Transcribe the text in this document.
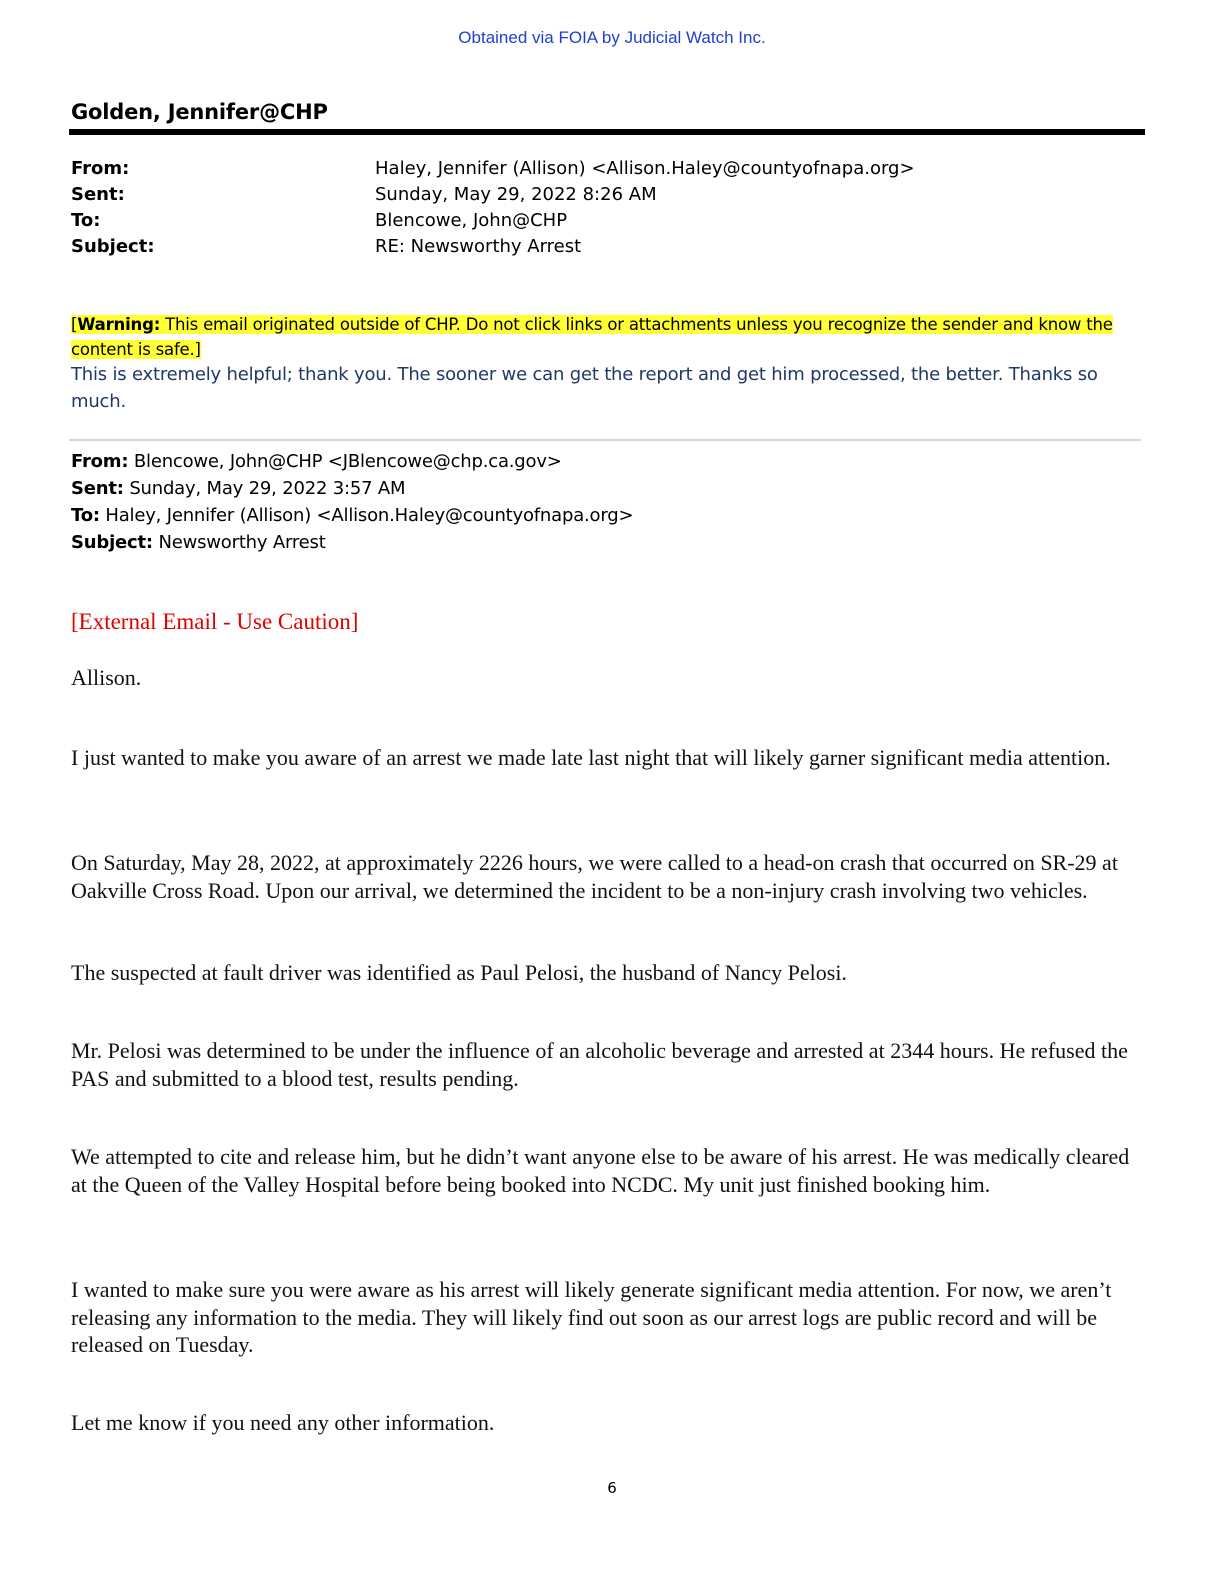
Obtained via FOIA by Judicial Watch Inc.
Golden, Jennifer@CHP
From:	Haley, Jennifer (Allison) <Allison.Haley@countyofnapa.org>
Sent:	Sunday, May 29, 2022 8:26 AM
To:	Blencowe, John@CHP
Subject:	RE: Newsworthy Arrest
[Warning: This email originated outside of CHP. Do not click links or attachments unless you recognize the sender and know the content is safe.]
This is extremely helpful; thank you. The sooner we can get the report and get him processed, the better. Thanks so much.
From: Blencowe, John@CHP <JBlencowe@chp.ca.gov>
Sent: Sunday, May 29, 2022 3:57 AM
To: Haley, Jennifer (Allison) <Allison.Haley@countyofnapa.org>
Subject: Newsworthy Arrest
[External Email - Use Caution]
Allison.
I just wanted to make you aware of an arrest we made late last night that will likely garner significant media attention.
On Saturday, May 28, 2022, at approximately 2226 hours, we were called to a head-on crash that occurred on SR-29 at Oakville Cross Road. Upon our arrival, we determined the incident to be a non-injury crash involving two vehicles.
The suspected at fault driver was identified as Paul Pelosi, the husband of Nancy Pelosi.
Mr. Pelosi was determined to be under the influence of an alcoholic beverage and arrested at 2344 hours. He refused the PAS and submitted to a blood test, results pending.
We attempted to cite and release him, but he didn’t want anyone else to be aware of his arrest. He was medically cleared at the Queen of the Valley Hospital before being booked into NCDC. My unit just finished booking him.
I wanted to make sure you were aware as his arrest will likely generate significant media attention. For now, we aren’t releasing any information to the media. They will likely find out soon as our arrest logs are public record and will be released on Tuesday.
Let me know if you need any other information.
6
